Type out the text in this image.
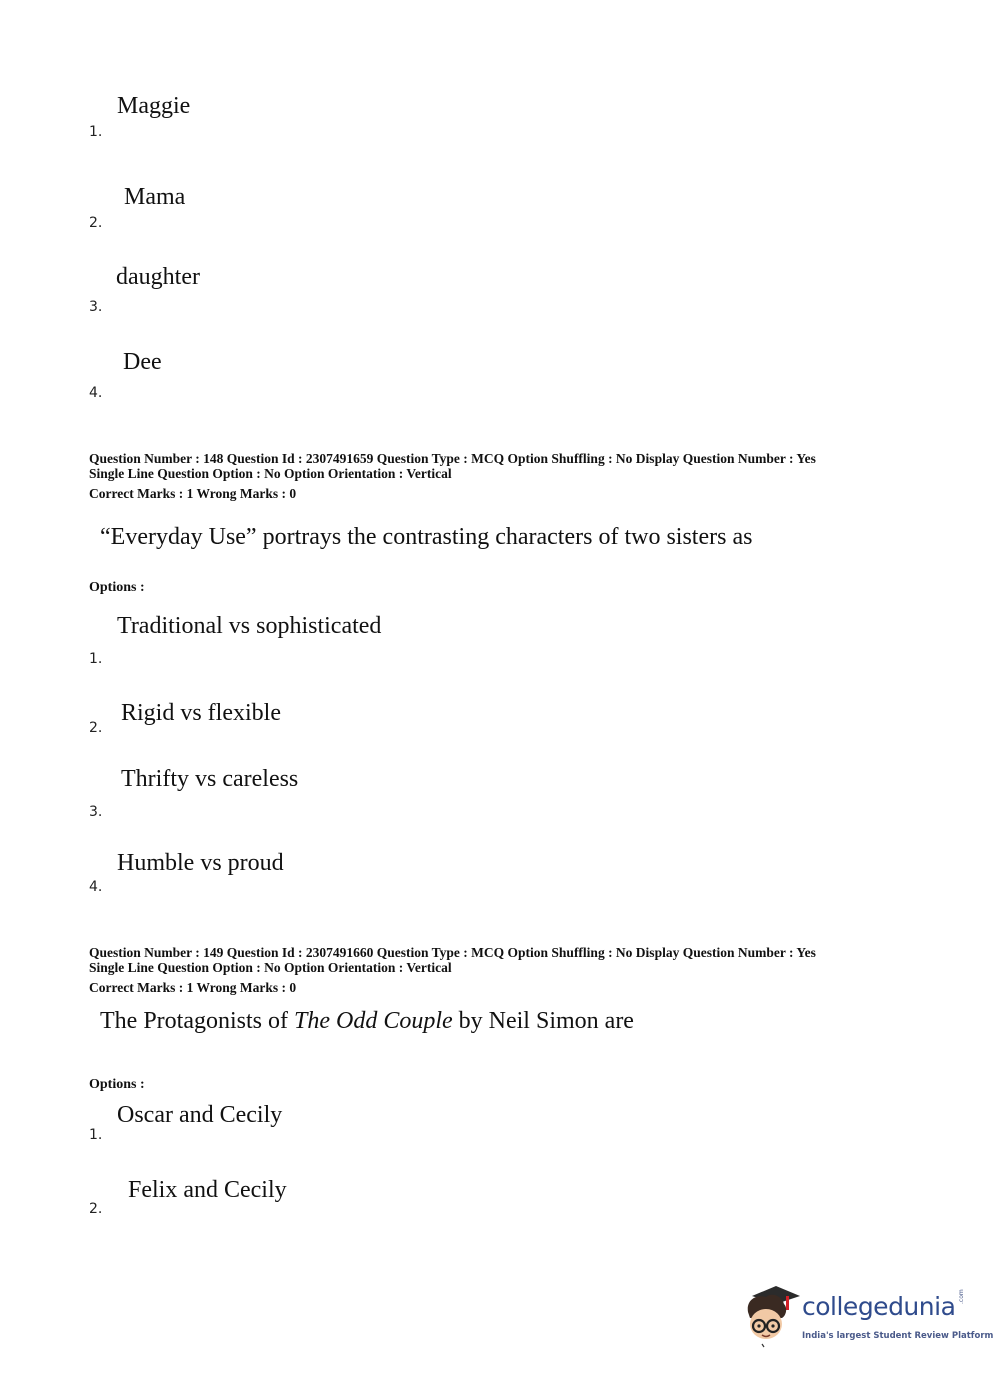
Maggie
1.
Mama
2.
daughter
3.
Dee
4.
Question Number : 148 Question Id : 2307491659 Question Type : MCQ Option Shuffling : No Display Question Number : Yes
Single Line Question Option : No Option Orientation : Vertical
Correct Marks : 1 Wrong Marks : 0
“Everyday Use” portrays the contrasting characters of two sisters as
Options :
Traditional vs sophisticated
1.
Rigid vs flexible
2.
Thrifty vs careless
3.
Humble vs proud
4.
Question Number : 149 Question Id : 2307491660 Question Type : MCQ Option Shuffling : No Display Question Number : Yes
Single Line Question Option : No Option Orientation : Vertical
Correct Marks : 1 Wrong Marks : 0
The Protagonists of The Odd Couple by Neil Simon are
Options :
Oscar and Cecily
1.
Felix and Cecily
2.
collegedunia .com
India's largest Student Review Platform
